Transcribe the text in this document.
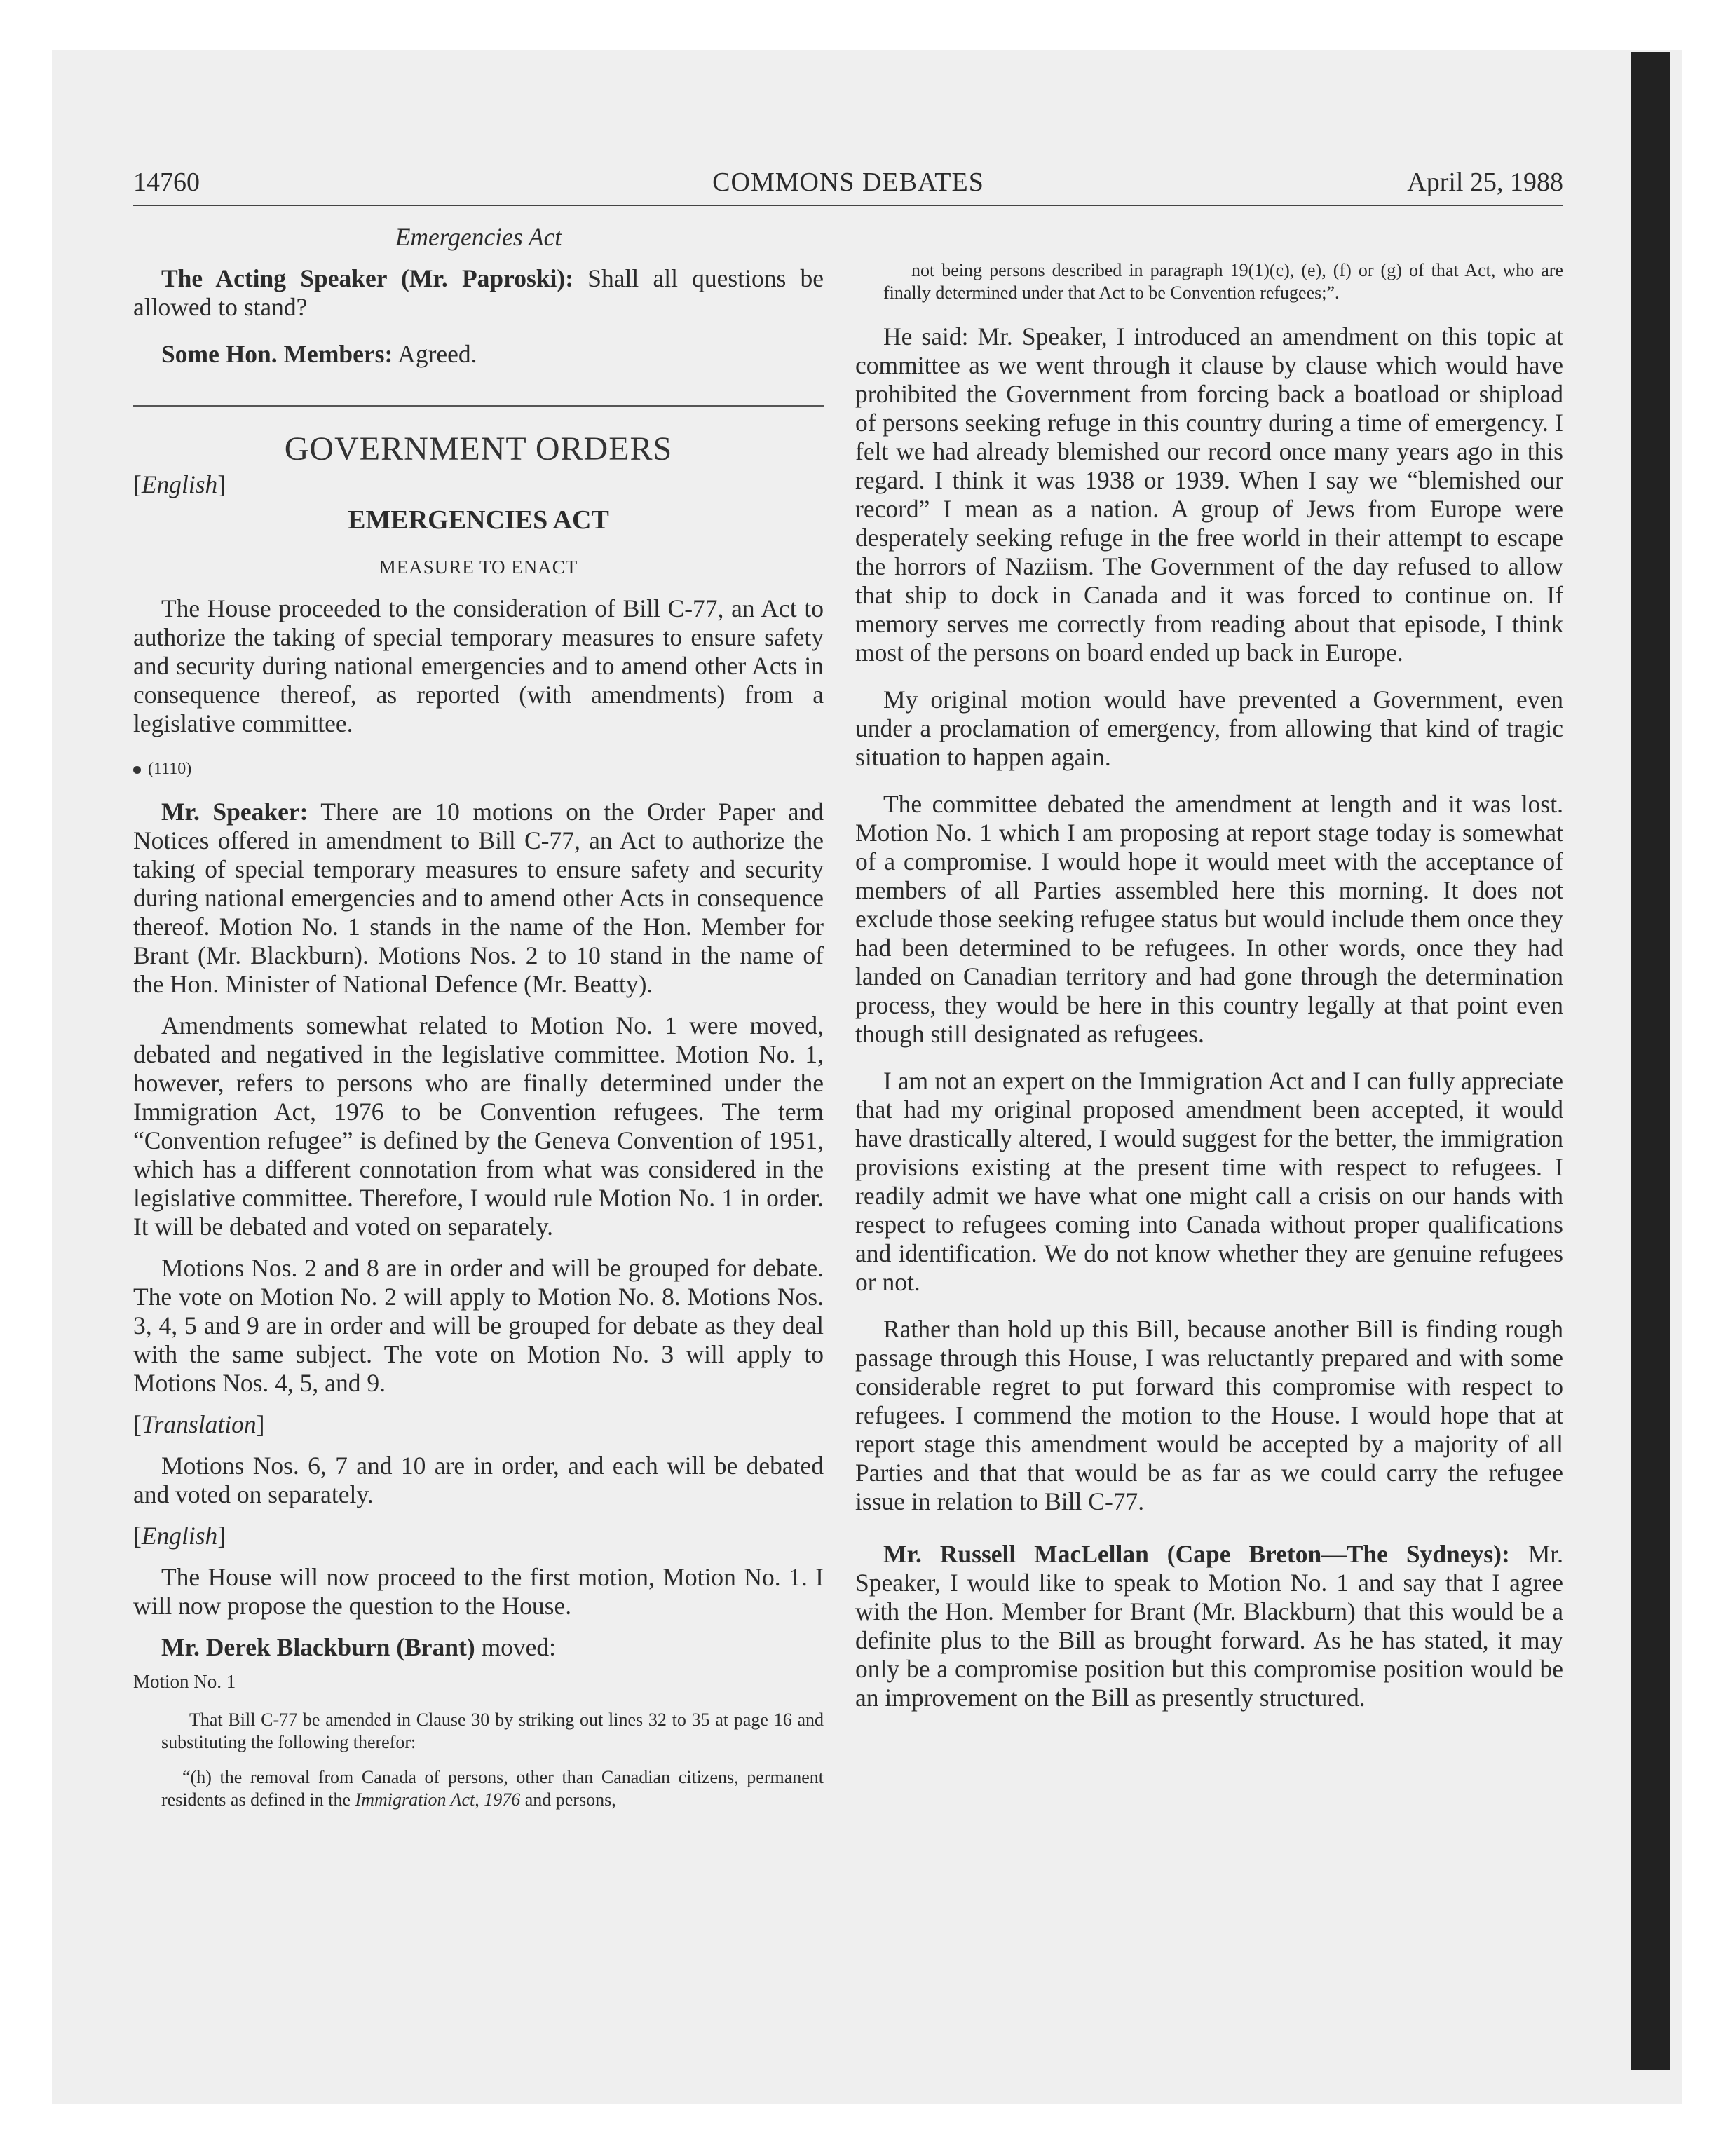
14760	COMMONS DEBATES	April 25, 1988

Emergencies Act

The Acting Speaker (Mr. Paproski): Shall all questions be allowed to stand?

Some Hon. Members: Agreed.

GOVERNMENT ORDERS

[English]

EMERGENCIES ACT

MEASURE TO ENACT

The House proceeded to the consideration of Bill C-77, an Act to authorize the taking of special temporary measures to ensure safety and security during national emergencies and to amend other Acts in consequence thereof, as reported (with amendments) from a legislative committee.

(1110)

Mr. Speaker: There are 10 motions on the Order Paper and Notices offered in amendment to Bill C-77, an Act to authorize the taking of special temporary measures to ensure safety and security during national emergencies and to amend other Acts in consequence thereof. Motion No. 1 stands in the name of the Hon. Member for Brant (Mr. Blackburn). Motions Nos. 2 to 10 stand in the name of the Hon. Minister of National Defence (Mr. Beatty).

Amendments somewhat related to Motion No. 1 were moved, debated and negatived in the legislative committee. Motion No. 1, however, refers to persons who are finally determined under the Immigration Act, 1976 to be Convention refugees. The term “Convention refugee” is defined by the Geneva Convention of 1951, which has a different connotation from what was considered in the legislative committee. Therefore, I would rule Motion No. 1 in order. It will be debated and voted on separately.

Motions Nos. 2 and 8 are in order and will be grouped for debate. The vote on Motion No. 2 will apply to Motion No. 8. Motions Nos. 3, 4, 5 and 9 are in order and will be grouped for debate as they deal with the same subject. The vote on Motion No. 3 will apply to Motions Nos. 4, 5, and 9.

[Translation]

Motions Nos. 6, 7 and 10 are in order, and each will be debated and voted on separately.

[English]

The House will now proceed to the first motion, Motion No. 1. I will now propose the question to the House.

Mr. Derek Blackburn (Brant) moved:

Motion No. 1

That Bill C-77 be amended in Clause 30 by striking out lines 32 to 35 at page 16 and substituting the following therefor:

“(h) the removal from Canada of persons, other than Canadian citizens, permanent residents as defined in the Immigration Act, 1976 and persons,

not being persons described in paragraph 19(1)(c), (e), (f) or (g) of that Act, who are finally determined under that Act to be Convention refugees;”.

He said: Mr. Speaker, I introduced an amendment on this topic at committee as we went through it clause by clause which would have prohibited the Government from forcing back a boatload or shipload of persons seeking refuge in this country during a time of emergency. I felt we had already blemished our record once many years ago in this regard. I think it was 1938 or 1939. When I say we “blemished our record” I mean as a nation. A group of Jews from Europe were desperately seeking refuge in the free world in their attempt to escape the horrors of Naziism. The Government of the day refused to allow that ship to dock in Canada and it was forced to continue on. If memory serves me correctly from reading about that episode, I think most of the persons on board ended up back in Europe.

My original motion would have prevented a Government, even under a proclamation of emergency, from allowing that kind of tragic situation to happen again.

The committee debated the amendment at length and it was lost. Motion No. 1 which I am proposing at report stage today is somewhat of a compromise. I would hope it would meet with the acceptance of members of all Parties assembled here this morning. It does not exclude those seeking refugee status but would include them once they had been determined to be refugees. In other words, once they had landed on Canadian territory and had gone through the determination process, they would be here in this country legally at that point even though still designated as refugees.

I am not an expert on the Immigration Act and I can fully appreciate that had my original proposed amendment been accepted, it would have drastically altered, I would suggest for the better, the immigration provisions existing at the present time with respect to refugees. I readily admit we have what one might call a crisis on our hands with respect to refugees coming into Canada without proper qualifications and identification. We do not know whether they are genuine refugees or not.

Rather than hold up this Bill, because another Bill is finding rough passage through this House, I was reluctantly prepared and with some considerable regret to put forward this compromise with respect to refugees. I commend the motion to the House. I would hope that at report stage this amendment would be accepted by a majority of all Parties and that that would be as far as we could carry the refugee issue in relation to Bill C-77.

Mr. Russell MacLellan (Cape Breton—The Sydneys): Mr. Speaker, I would like to speak to Motion No. 1 and say that I agree with the Hon. Member for Brant (Mr. Blackburn) that this would be a definite plus to the Bill as brought forward. As he has stated, it may only be a compromise position but this compromise position would be an improvement on the Bill as presently structured.
